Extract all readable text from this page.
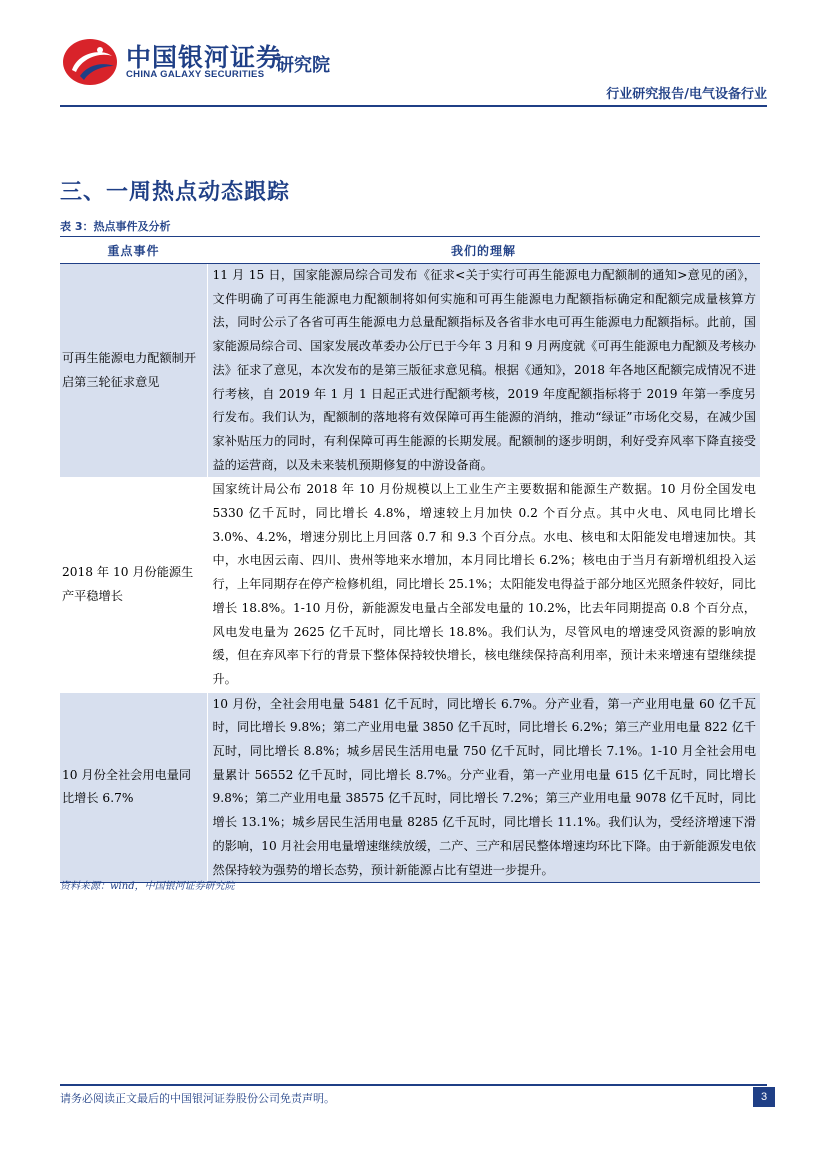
中国银河证券
CHINA GALAXY SECURITIES 研究院
行业研究报告/电气设备行业
三、一周热点动态跟踪
表 3：热点事件及分析
重点事件	我们的理解
可再生能源电力配额制开启第三轮征求意见	11 月 15 日，国家能源局综合司发布《征求<关于实行可再生能源电力配额制的通知>意见的函》，文件明确了可再生能源电力配额制将如何实施和可再生能源电力配额指标确定和配额完成量核算方法，同时公示了各省可再生能源电力总量配额指标及各省非水电可再生能源电力配额指标。此前，国家能源局综合司、国家发展改革委办公厅已于今年 3 月和 9 月两度就《可再生能源电力配额及考核办法》征求了意见，本次发布的是第三版征求意见稿。根据《通知》，2018 年各地区配额完成情况不进行考核，自 2019 年 1 月 1 日起正式进行配额考核，2019 年度配额指标将于 2019 年第一季度另行发布。我们认为，配额制的落地将有效保障可再生能源的消纳，推动“绿证”市场化交易，在减少国家补贴压力的同时，有利保障可再生能源的长期发展。配额制的逐步明朗，利好受弃风率下降直接受益的运营商，以及未来装机预期修复的中游设备商。
2018 年 10 月份能源生产平稳增长	国家统计局公布 2018 年 10 月份规模以上工业生产主要数据和能源生产数据。10 月份全国发电 5330 亿千瓦时，同比增长 4.8%，增速较上月加快 0.2 个百分点。其中火电、风电同比增长 3.0%、4.2%，增速分别比上月回落 0.7 和 9.3 个百分点。水电、核电和太阳能发电增速加快。其中，水电因云南、四川、贵州等地来水增加，本月同比增长 6.2%；核电由于当月有新增机组投入运行，上年同期存在停产检修机组，同比增长 25.1%；太阳能发电得益于部分地区光照条件较好，同比增长 18.8%。1-10 月份，新能源发电量占全部发电量的 10.2%，比去年同期提高 0.8 个百分点，风电发电量为 2625 亿千瓦时，同比增长 18.8%。我们认为，尽管风电的增速受风资源的影响放缓，但在弃风率下行的背景下整体保持较快增长，核电继续保持高利用率，预计未来增速有望继续提升。
10 月份全社会用电量同比增长 6.7%	10 月份，全社会用电量 5481 亿千瓦时，同比增长 6.7%。分产业看，第一产业用电量 60 亿千瓦时，同比增长 9.8%；第二产业用电量 3850 亿千瓦时，同比增长 6.2%；第三产业用电量 822 亿千瓦时，同比增长 8.8%；城乡居民生活用电量 750 亿千瓦时，同比增长 7.1%。1-10 月全社会用电量累计 56552 亿千瓦时，同比增长 8.7%。分产业看，第一产业用电量 615 亿千瓦时，同比增长 9.8%；第二产业用电量 38575 亿千瓦时，同比增长 7.2%；第三产业用电量 9078 亿千瓦时，同比增长 13.1%；城乡居民生活用电量 8285 亿千瓦时，同比增长 11.1%。我们认为，受经济增速下滑的影响，10 月社会用电量增速继续放缓，二产、三产和居民整体增速均环比下降。由于新能源发电依然保持较为强势的增长态势，预计新能源占比有望进一步提升。
资料来源：wind，中国银河证券研究院
请务必阅读正文最后的中国银河证券股份公司免责声明。	3
